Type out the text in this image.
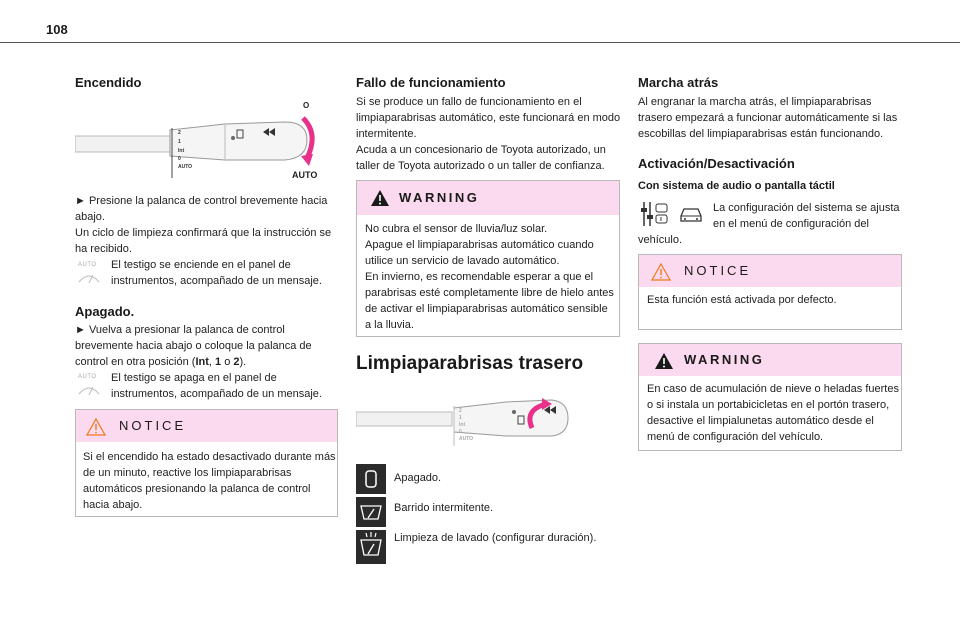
108
Encendido
O
AUTO
2
1
Int
0
AUTO
► Presione la palanca de control brevemente hacia
abajo.
Un ciclo de limpieza confirmará que la instrucción se
ha recibido.
AUTO El testigo se enciende en el panel de
instrumentos, acompañado de un mensaje.
Apagado.
► Vuelva a presionar la palanca de control
brevemente hacia abajo o coloque la palanca de
control en otra posición (Int, 1 o 2).
AUTO El testigo se apaga en el panel de
instrumentos, acompañado de un mensaje.
NOTICE
Si el encendido ha estado desactivado durante más
de un minuto, reactive los limpiaparabrisas
automáticos presionando la palanca de control
hacia abajo.
Fallo de funcionamiento
Si se produce un fallo de funcionamiento en el
limpiaparabrisas automático, este funcionará en modo
intermitente.
Acuda a un concesionario de Toyota autorizado, un
taller de Toyota autorizado o un taller de confianza.
WARNING
No cubra el sensor de lluvia/luz solar.
Apague el limpiaparabrisas automático cuando
utilice un servicio de lavado automático.
En invierno, es recomendable esperar a que el
parabrisas esté completamente libre de hielo antes
de activar el limpiaparabrisas automático sensible
a la lluvia.
Limpiaparabrisas trasero
2
1
Int
0
AUTO
Apagado.
Barrido intermitente.
Limpieza de lavado (configurar duración).
Marcha atrás
Al engranar la marcha atrás, el limpiaparabrisas
trasero empezará a funcionar automáticamente si las
escobillas del limpiaparabrisas están funcionando.
Activación/Desactivación
Con sistema de audio o pantalla táctil
La configuración del sistema se ajusta
en el menú de configuración del
vehículo.
NOTICE
Esta función está activada por defecto.
WARNING
En caso de acumulación de nieve o heladas fuertes
o si instala un portabicicletas en el portón trasero,
desactive el limpialunetas automático desde el
menú de configuración del vehículo.
